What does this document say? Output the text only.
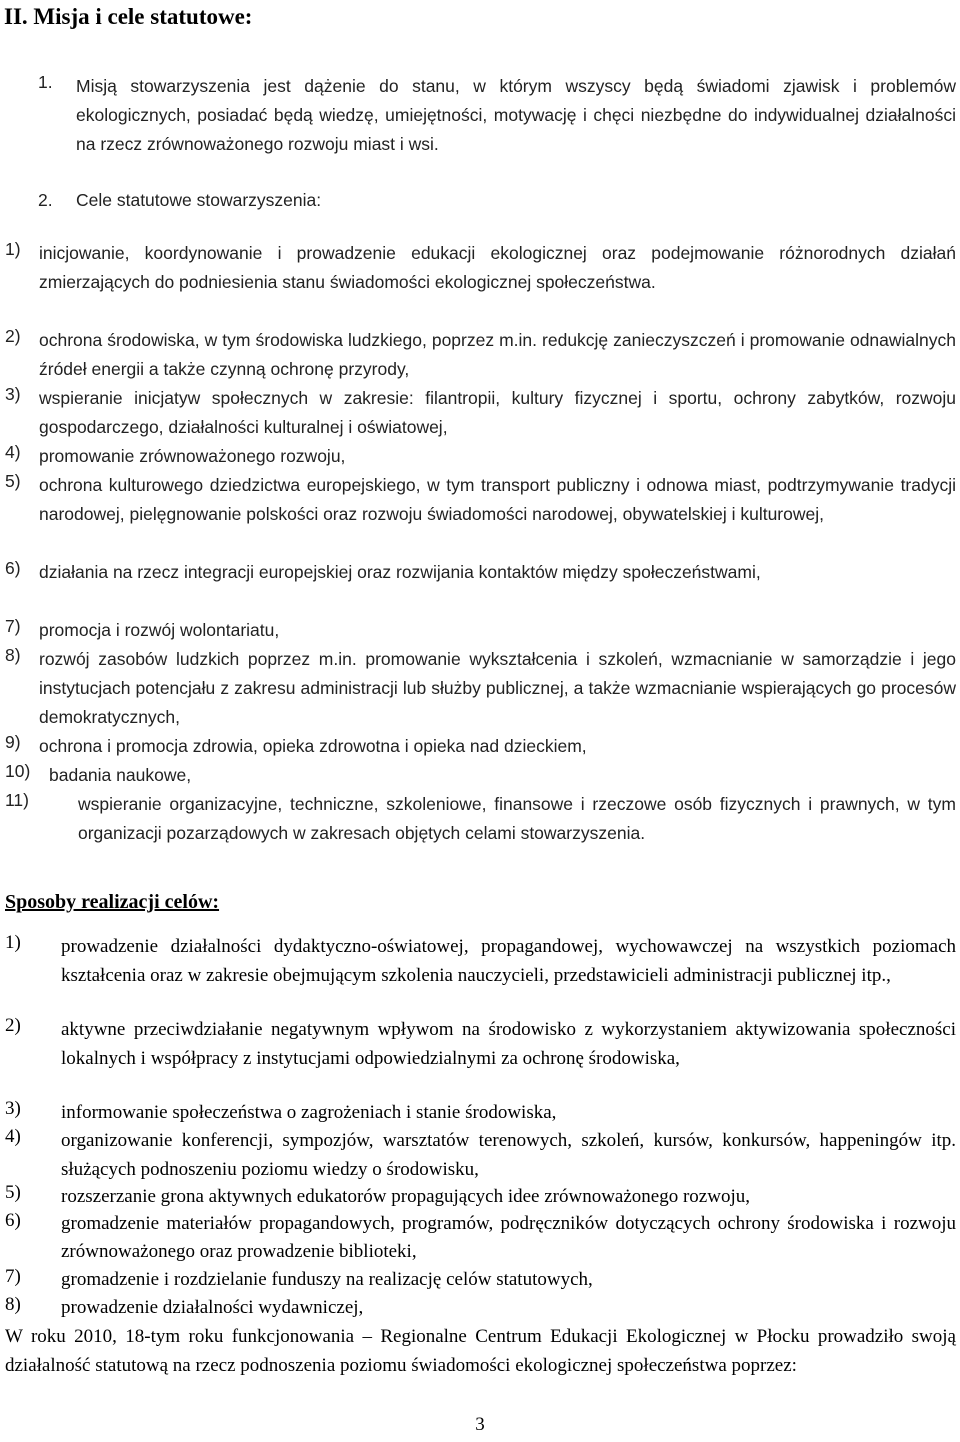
II. Misja i cele statutowe:
1. Misją stowarzyszenia jest dążenie do stanu, w którym wszyscy będą świadomi zjawisk i problemów ekologicznych, posiadać będą wiedzę, umiejętności, motywację i chęci niezbędne do indywidualnej działalności na rzecz zrównoważonego rozwoju miast i wsi.

2. Cele statutowe stowarzyszenia:
1) inicjowanie, koordynowanie i prowadzenie edukacji ekologicznej oraz podejmowanie różnorodnych działań zmierzających do podniesienia stanu świadomości ekologicznej społeczeństwa.

2) ochrona środowiska, w tym środowiska ludzkiego, poprzez m.in. redukcję zanieczyszczeń i promowanie odnawialnych źródeł energii a także czynną ochronę przyrody,

3) wspieranie inicjatyw społecznych w zakresie: filantropii, kultury fizycznej i sportu, ochrony zabytków, rozwoju gospodarczego, działalności kulturalnej i oświatowej,

4) promowanie zrównoważonego rozwoju,

5) ochrona kulturowego dziedzictwa europejskiego, w tym transport publiczny i odnowa miast, podtrzymywanie tradycji narodowej, pielęgnowanie polskości oraz rozwoju świadomości narodowej, obywatelskiej i kulturowej,

6) działania na rzecz integracji europejskiej oraz rozwijania kontaktów między społeczeństwami,

7) promocja i rozwój wolontariatu,

8) rozwój zasobów ludzkich poprzez m.in. promowanie wykształcenia i szkoleń, wzmacnianie w samorządzie i jego instytucjach potencjału z zakresu administracji lub służby publicznej, a także wzmacnianie wspierających go procesów demokratycznych,

9) ochrona i promocja zdrowia, opieka zdrowotna i opieka nad dzieckiem,

10) badania naukowe,

11)	wspieranie organizacyjne, techniczne, szkoleniowe, finansowe i rzeczowe osób fizycznych i prawnych, w tym organizacji pozarządowych w zakresach objętych celami stowarzyszenia.

Sposoby realizacji celów:
1) prowadzenie działalności dydaktyczno-oświatowej, propagandowej, wychowawczej na wszystkich poziomach kształcenia oraz w zakresie obejmującym szkolenia nauczycieli, przedstawicieli administracji publicznej itp.,

2) aktywne przeciwdziałanie negatywnym wpływom na środowisko z wykorzystaniem aktywizowania społeczności lokalnych i współpracy z instytucjami odpowiedzialnymi za ochronę środowiska,

3) informowanie społeczeństwa o zagrożeniach i stanie środowiska,

4) organizowanie konferencji, sympozjów, warsztatów terenowych, szkoleń, kursów, konkursów, happeningów itp. służących podnoszeniu poziomu wiedzy o środowisku,

5) rozszerzanie grona aktywnych edukatorów propagujących idee zrównoważonego rozwoju,

6) gromadzenie materiałów propagandowych, programów, podręczników dotyczących ochrony środowiska i rozwoju zrównoważonego oraz prowadzenie biblioteki,

7) gromadzenie i rozdzielanie funduszy na realizację celów statutowych,

8) prowadzenie działalności wydawniczej,

W roku 2010, 18-tym roku funkcjonowania – Regionalne Centrum Edukacji Ekologicznej w Płocku prowadziło swoją działalność statutową na rzecz podnoszenia poziomu świadomości ekologicznej społeczeństwa poprzez:

3
